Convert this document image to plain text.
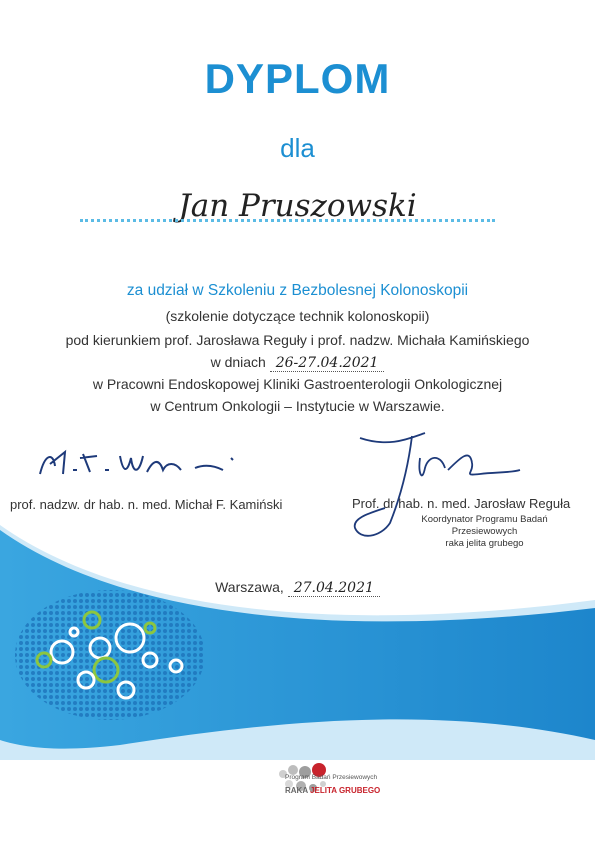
DYPLOM
dla
Jan Pruszowski
za udział w Szkoleniu z Bezbolesnej Kolonoskopii
(szkolenie dotyczące technik kolonoskopii)
pod kierunkiem prof. Jarosława Reguły i prof. nadzw. Michała Kamińskiego
w dniach 26-27.04.2021
w Pracowni Endoskopowej Kliniki Gastroenterologii Onkologicznej
w Centrum Onkologii – Instytucie w Warszawie.
prof. nadzw. dr hab. n. med. Michał F. Kamiński	Prof. dr hab. n. med. Jarosław Reguła
Koordynator Programu Badań Przesiewowych
raka jelita grubego
Warszawa, 27.04.2021
Program Badań Przesiewowych
RAKA JELITA GRUBEGO
